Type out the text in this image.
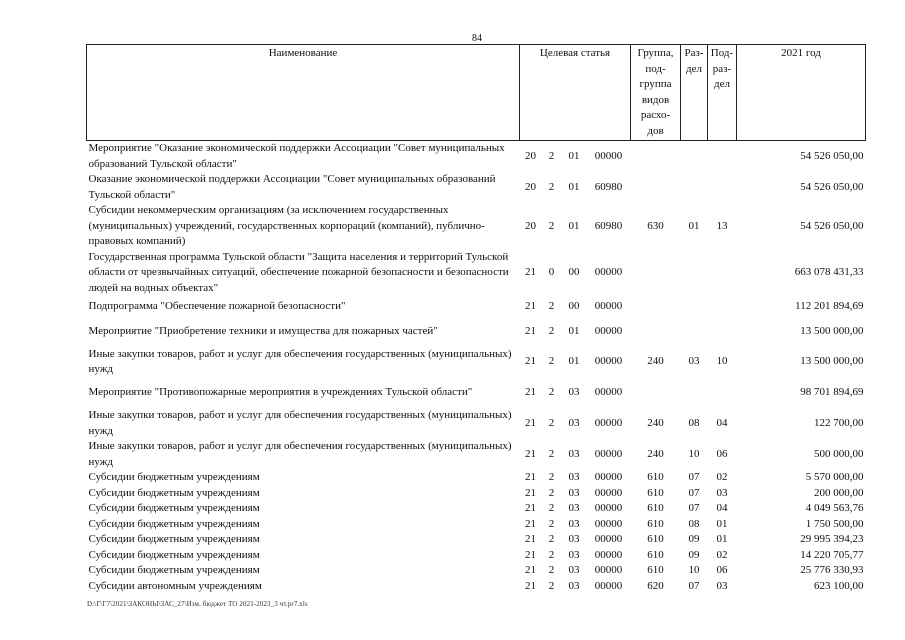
84
Наименование	Целевая статья				Группа, под- группа видов расхо- дов	Раз- дел	Под- раз- дел	2021 год
Мероприятие "Оказание экономической поддержки Ассоциации "Совет муниципальных образований Тульской области"	20	2	01	00000				54 526 050,00
Оказание экономической поддержки Ассоциации "Совет муниципальных образований Тульской области"	20	2	01	60980				54 526 050,00
Субсидии некоммерческим организациям (за исключением государственных (муниципальных) учреждений, государственных корпораций (компаний), публично-правовых компаний)	20	2	01	60980	630	01	13	54 526 050,00
Государственная программа Тульской области "Защита населения и территорий Тульской области от чрезвычайных ситуаций, обеспечение пожарной безопасности и безопасности людей на водных объектах"	21	0	00	00000				663 078 431,33
Подпрограмма "Обеспечение пожарной безопасности"	21	2	00	00000				112 201 894,69
Мероприятие "Приобретение техники и имущества для пожарных частей"	21	2	01	00000				13 500 000,00
Иные закупки товаров, работ и услуг для обеспечения государственных (муниципальных) нужд	21	2	01	00000	240	03	10	13 500 000,00
Мероприятие "Противопожарные мероприятия в учреждениях Тульской области"	21	2	03	00000				98 701 894,69
Иные закупки товаров, работ и услуг для обеспечения государственных (муниципальных) нужд	21	2	03	00000	240	08	04	122 700,00
Иные закупки товаров, работ и услуг для обеспечения государственных (муниципальных) нужд	21	2	03	00000	240	10	06	500 000,00
Субсидии бюджетным учреждениям	21	2	03	00000	610	07	02	5 570 000,00
Субсидии бюджетным учреждениям	21	2	03	00000	610	07	03	200 000,00
Субсидии бюджетным учреждениям	21	2	03	00000	610	07	04	4 049 563,76
Субсидии бюджетным учреждениям	21	2	03	00000	610	08	01	1 750 500,00
Субсидии бюджетным учреждениям	21	2	03	00000	610	09	01	29 995 394,23
Субсидии бюджетным учреждениям	21	2	03	00000	610	09	02	14 220 705,77
Субсидии бюджетным учреждениям	21	2	03	00000	610	10	06	25 776 330,93
Субсидии автономным учреждениям	21	2	03	00000	620	07	03	623 100,00
D:\Г\Г7\2021\ЗАКОНЫ\ЗАС_27\Изм. бюджет ТО 2021-2023_3 чт.pr7.xls
